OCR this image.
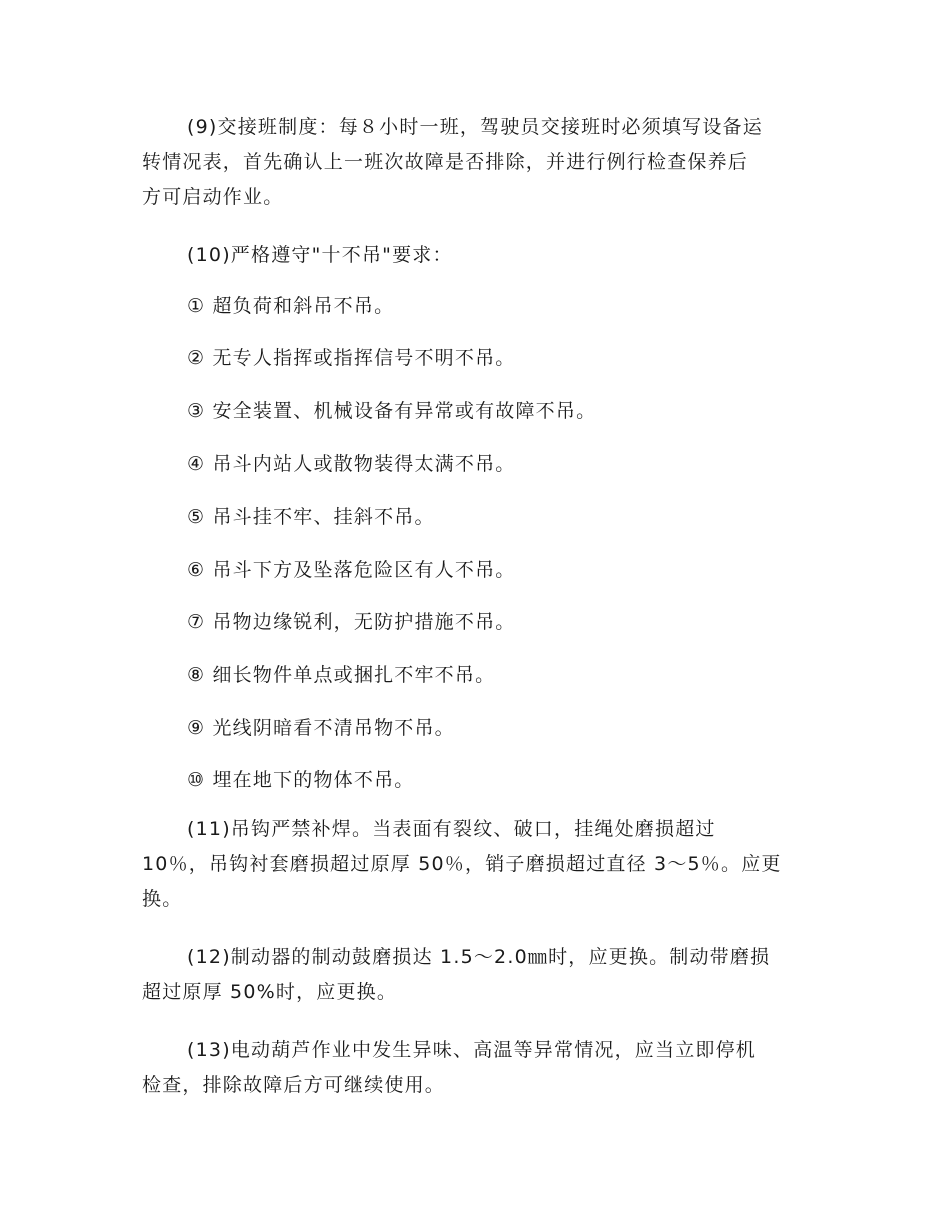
(9)交接班制度：每８小时一班，驾驶员交接班时必须填写设备运
转情况表，首先确认上一班次故障是否排除，并进行例行检查保养后
方可启动作业。
(10)严格遵守"十不吊"要求：

① 超负荷和斜吊不吊。

② 无专人指挥或指挥信号不明不吊。

③ 安全装置、机械设备有异常或有故障不吊。

④ 吊斗内站人或散物装得太满不吊。

⑤ 吊斗挂不牢、挂斜不吊。

⑥ 吊斗下方及坠落危险区有人不吊。

⑦ 吊物边缘锐利，无防护措施不吊。

⑧ 细长物件单点或捆扎不牢不吊。

⑨ 光线阴暗看不清吊物不吊。

⑩ 埋在地下的物体不吊。

(11)吊钩严禁补焊。当表面有裂纹、破口，挂绳处磨损超过
10％，吊钩衬套磨损超过原厚 50％，销子磨损超过直径 3～5％。应更
换。
(12)制动器的制动鼓磨损达 1.5～2.0㎜时，应更换。制动带磨损
超过原厚 50%时，应更换。
(13)电动葫芦作业中发生异味、高温等异常情况，应当立即停机
检查，排除故障后方可继续使用。
